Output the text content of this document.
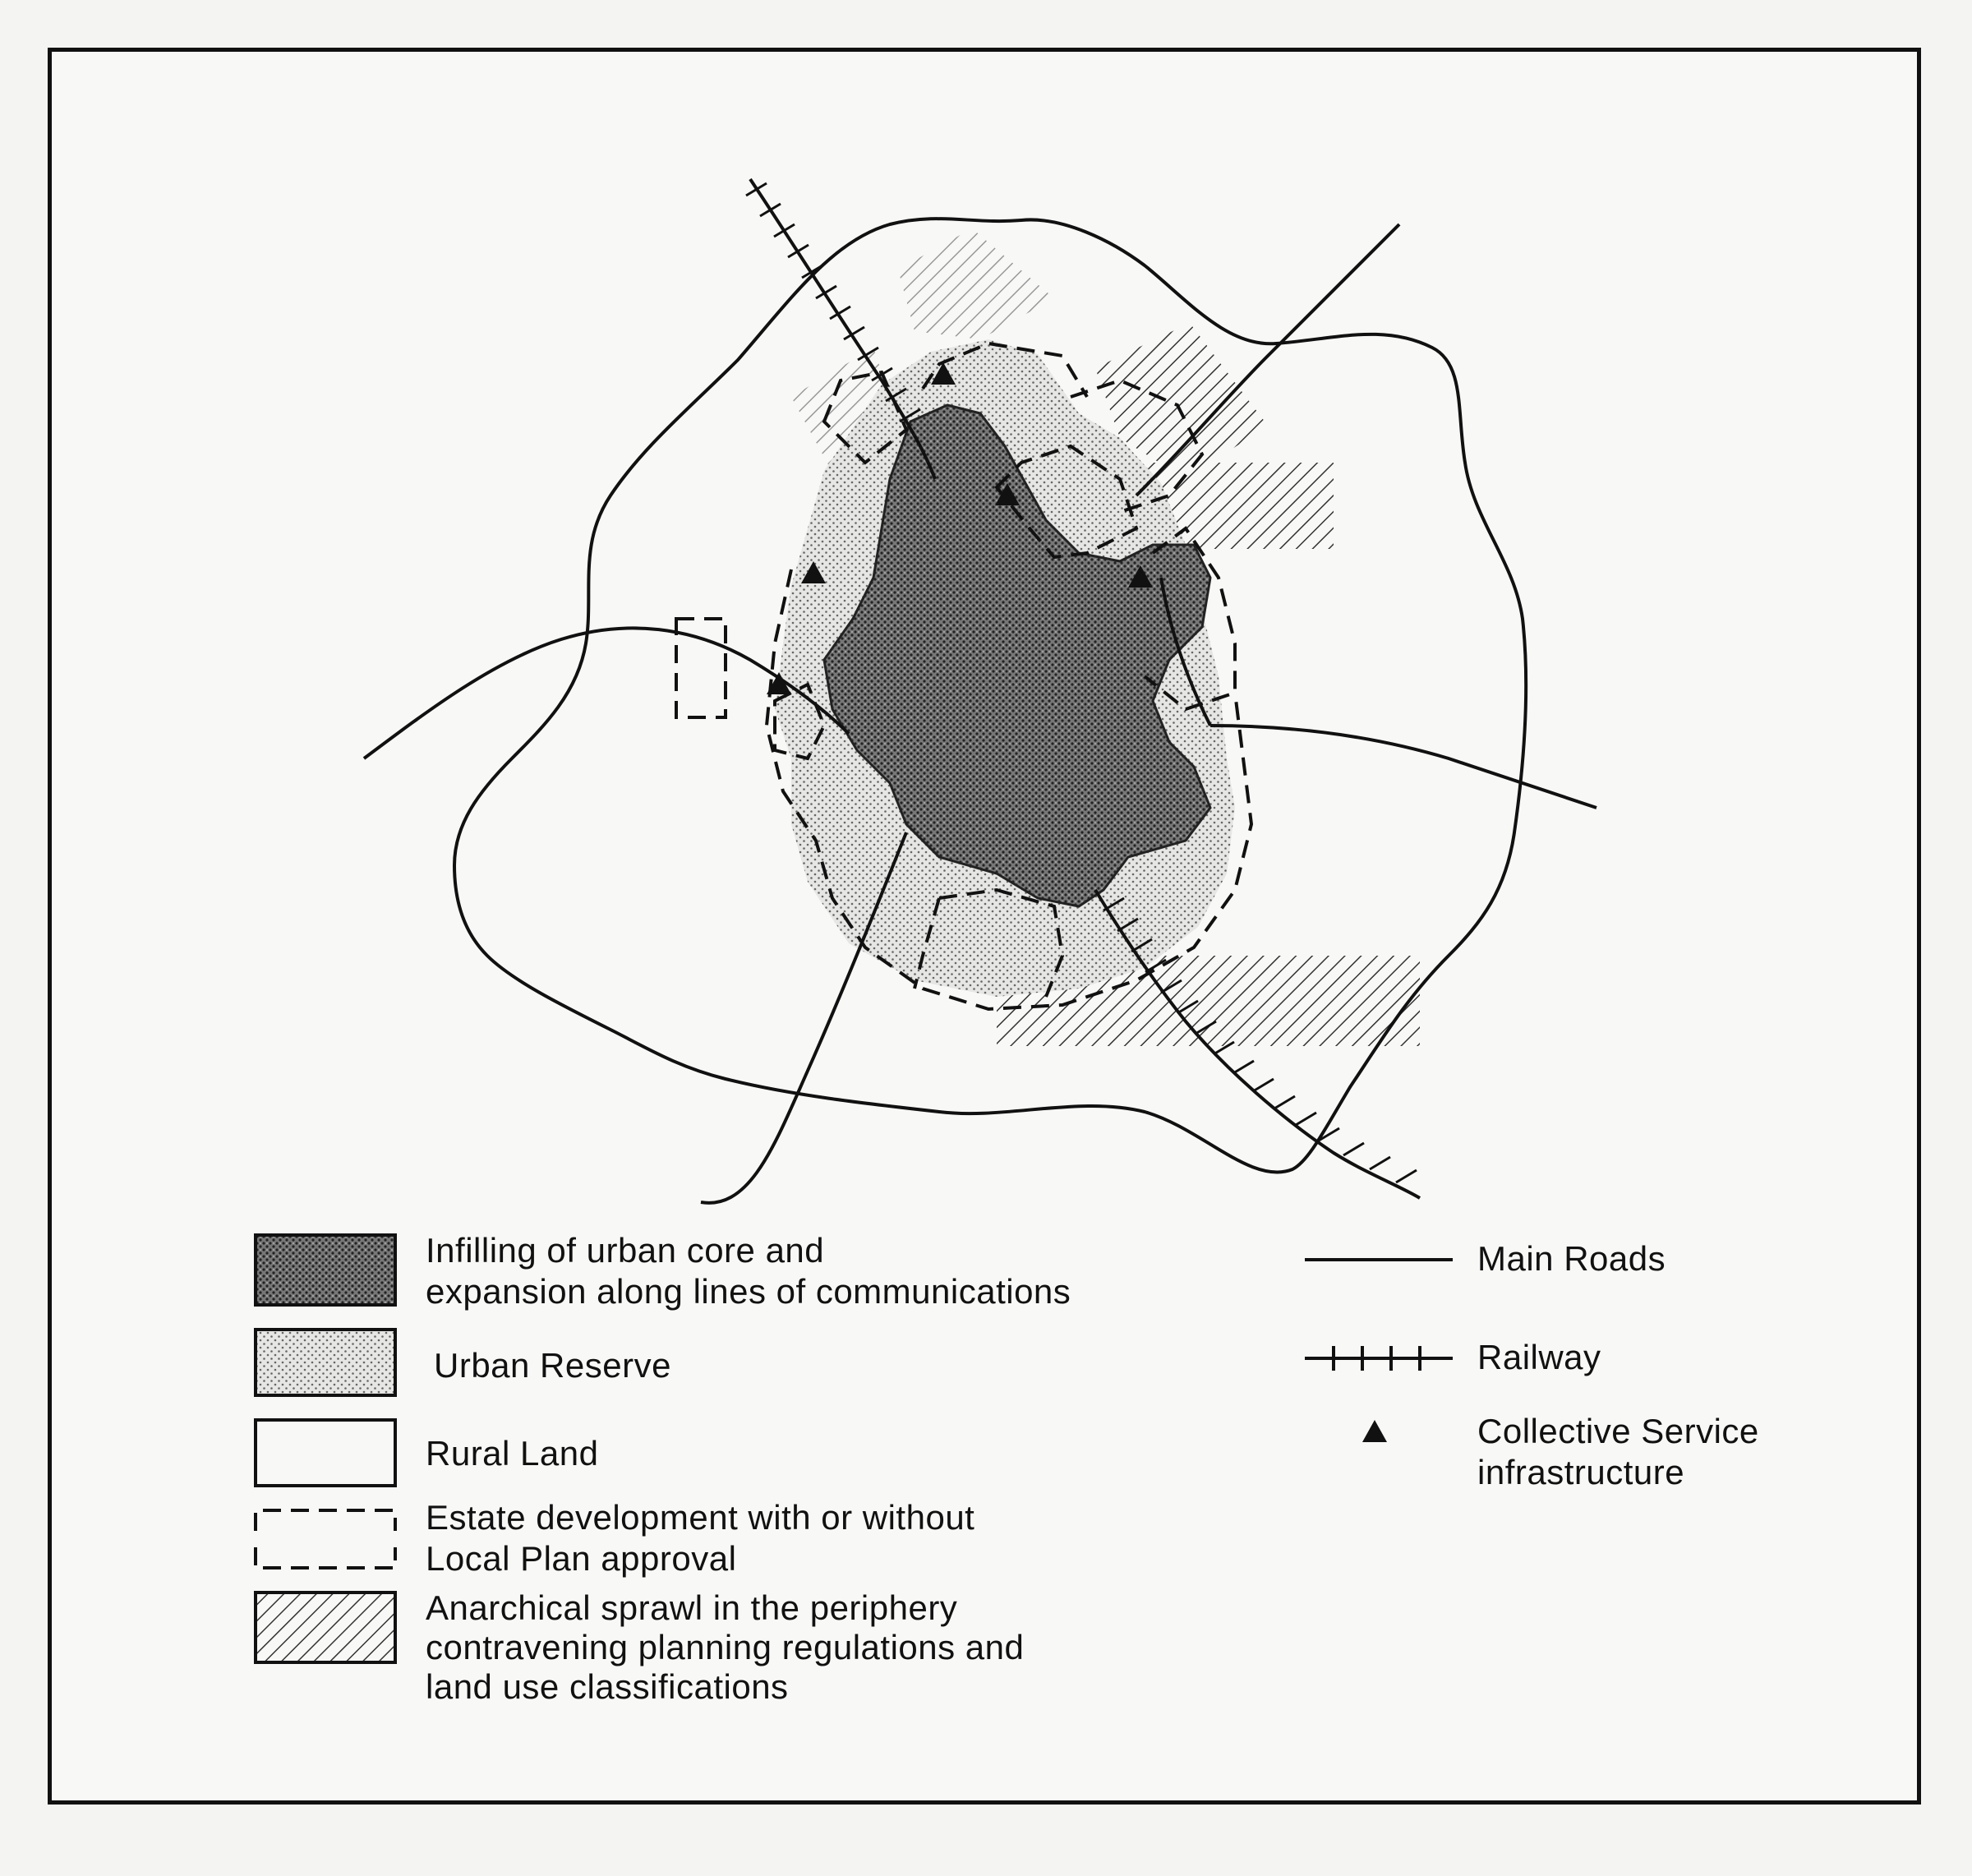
Infilling of urban core and
expansion along lines of communications
Urban Reserve
Rural Land
Estate development with or without
Local Plan approval
Anarchical sprawl in the periphery
contravening planning regulations and
land use classifications
Main Roads
Railway
Collective Service
infrastructure
